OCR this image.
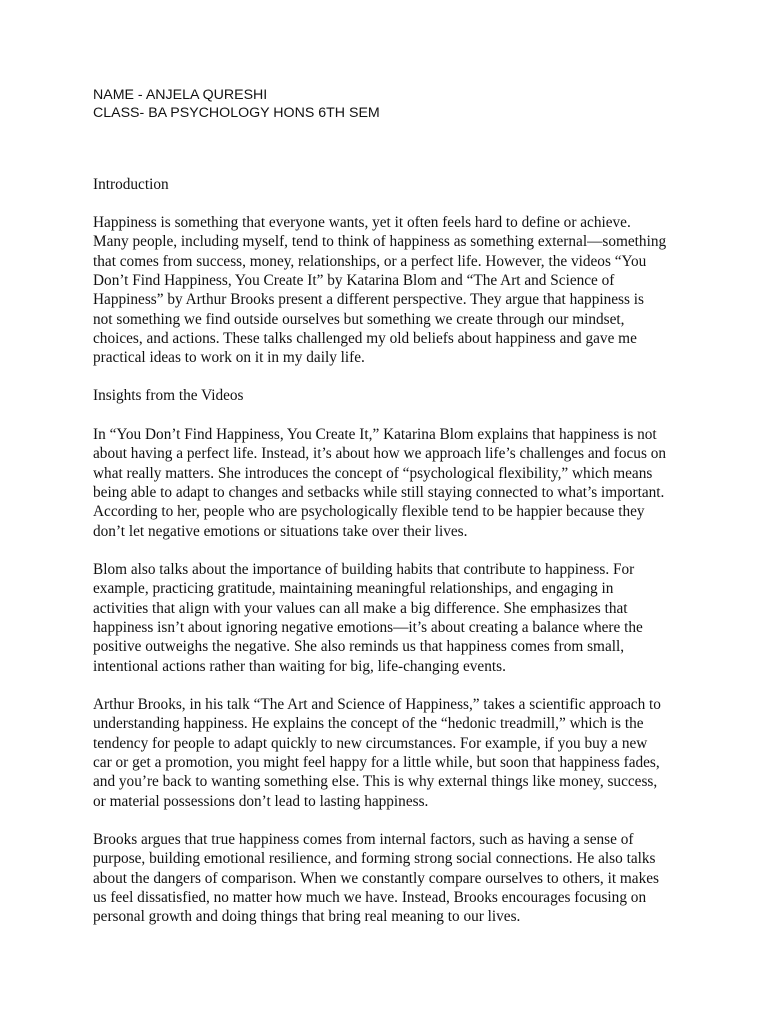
NAME - ANJELA QURESHI
CLASS- BA PSYCHOLOGY HONS 6TH SEM
Introduction
Happiness is something that everyone wants, yet it often feels hard to define or achieve.
Many people, including myself, tend to think of happiness as something external—something
that comes from success, money, relationships, or a perfect life. However, the videos “You
Don’t Find Happiness, You Create It” by Katarina Blom and “The Art and Science of
Happiness” by Arthur Brooks present a different perspective. They argue that happiness is
not something we find outside ourselves but something we create through our mindset,
choices, and actions. These talks challenged my old beliefs about happiness and gave me
practical ideas to work on it in my daily life.
Insights from the Videos
In “You Don’t Find Happiness, You Create It,” Katarina Blom explains that happiness is not
about having a perfect life. Instead, it’s about how we approach life’s challenges and focus on
what really matters. She introduces the concept of “psychological flexibility,” which means
being able to adapt to changes and setbacks while still staying connected to what’s important.
According to her, people who are psychologically flexible tend to be happier because they
don’t let negative emotions or situations take over their lives.
Blom also talks about the importance of building habits that contribute to happiness. For
example, practicing gratitude, maintaining meaningful relationships, and engaging in
activities that align with your values can all make a big difference. She emphasizes that
happiness isn’t about ignoring negative emotions—it’s about creating a balance where the
positive outweighs the negative. She also reminds us that happiness comes from small,
intentional actions rather than waiting for big, life-changing events.
Arthur Brooks, in his talk “The Art and Science of Happiness,” takes a scientific approach to
understanding happiness. He explains the concept of the “hedonic treadmill,” which is the
tendency for people to adapt quickly to new circumstances. For example, if you buy a new
car or get a promotion, you might feel happy for a little while, but soon that happiness fades,
and you’re back to wanting something else. This is why external things like money, success,
or material possessions don’t lead to lasting happiness.
Brooks argues that true happiness comes from internal factors, such as having a sense of
purpose, building emotional resilience, and forming strong social connections. He also talks
about the dangers of comparison. When we constantly compare ourselves to others, it makes
us feel dissatisfied, no matter how much we have. Instead, Brooks encourages focusing on
personal growth and doing things that bring real meaning to our lives.
